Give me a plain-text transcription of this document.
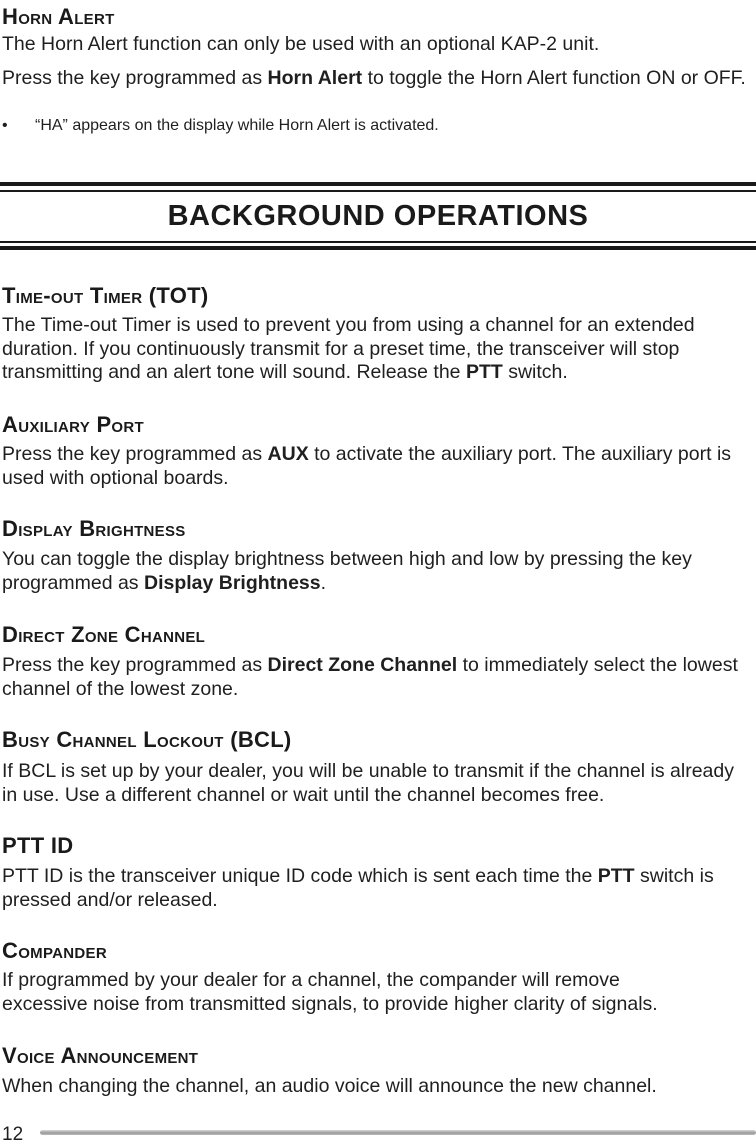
Horn Alert

The Horn Alert function can only be used with an optional KAP-2 unit.

Press the key programmed as Horn Alert to toggle the Horn Alert function ON or OFF.

• “HA” appears on the display while Horn Alert is activated.
BACKGROUND OPERATIONS
Time-out Timer (TOT)

The Time-out Timer is used to prevent you from using a channel for an extended duration. If you continuously transmit for a preset time, the transceiver will stop transmitting and an alert tone will sound. Release the PTT switch.

Auxiliary Port

Press the key programmed as AUX to activate the auxiliary port. The auxiliary port is used with optional boards.

Display Brightness

You can toggle the display brightness between high and low by pressing the key programmed as Display Brightness.

Direct Zone Channel

Press the key programmed as Direct Zone Channel to immediately select the lowest channel of the lowest zone.

Busy Channel Lockout (BCL)

If BCL is set up by your dealer, you will be unable to transmit if the channel is already in use. Use a different channel or wait until the channel becomes free.

PTT ID

PTT ID is the transceiver unique ID code which is sent each time the PTT switch is pressed and/or released.

Compander

If programmed by your dealer for a channel, the compander will remove excessive noise from transmitted signals, to provide higher clarity of signals.

Voice Announcement

When changing the channel, an audio voice will announce the new channel.

12
